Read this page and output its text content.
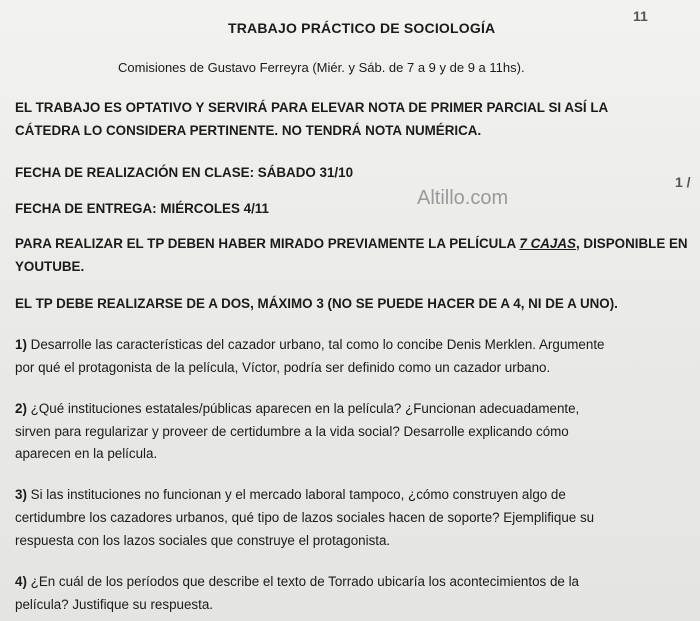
TRABAJO PRÁCTICO DE SOCIOLOGÍA
Comisiones de Gustavo Ferreyra (Miér. y Sáb. de 7 a 9 y de 9 a 11hs).
11
1 /
EL TRABAJO ES OPTATIVO Y SERVIRÁ PARA ELEVAR NOTA DE PRIMER PARCIAL SI ASÍ LA
CÁTEDRA LO CONSIDERA PERTINENTE. NO TENDRÁ NOTA NUMÉRICA.
FECHA DE REALIZACIÓN EN CLASE: SÁBADO 31/10
Altillo.com
FECHA DE ENTREGA: MIÉRCOLES 4/11
PARA REALIZAR EL TP DEBEN HABER MIRADO PREVIAMENTE LA PELÍCULA 7 CAJAS, DISPONIBLE EN
YOUTUBE.
EL TP DEBE REALIZARSE DE A DOS, MÁXIMO 3 (NO SE PUEDE HACER DE A 4, NI DE A UNO).
1) Desarrolle las características del cazador urbano, tal como lo concibe Denis Merklen. Argumente
por qué el protagonista de la película, Víctor, podría ser definido como un cazador urbano.
2) ¿Qué instituciones estatales/públicas aparecen en la película? ¿Funcionan adecuadamente,
sirven para regularizar y proveer de certidumbre a la vida social? Desarrolle explicando cómo
aparecen en la película.
3) Si las instituciones no funcionan y el mercado laboral tampoco, ¿cómo construyen algo de
certidumbre los cazadores urbanos, qué tipo de lazos sociales hacen de soporte? Ejemplifique su
respuesta con los lazos sociales que construye el protagonista.
4) ¿En cuál de los períodos que describe el texto de Torrado ubicaría los acontecimientos de la
película? Justifique su respuesta.
